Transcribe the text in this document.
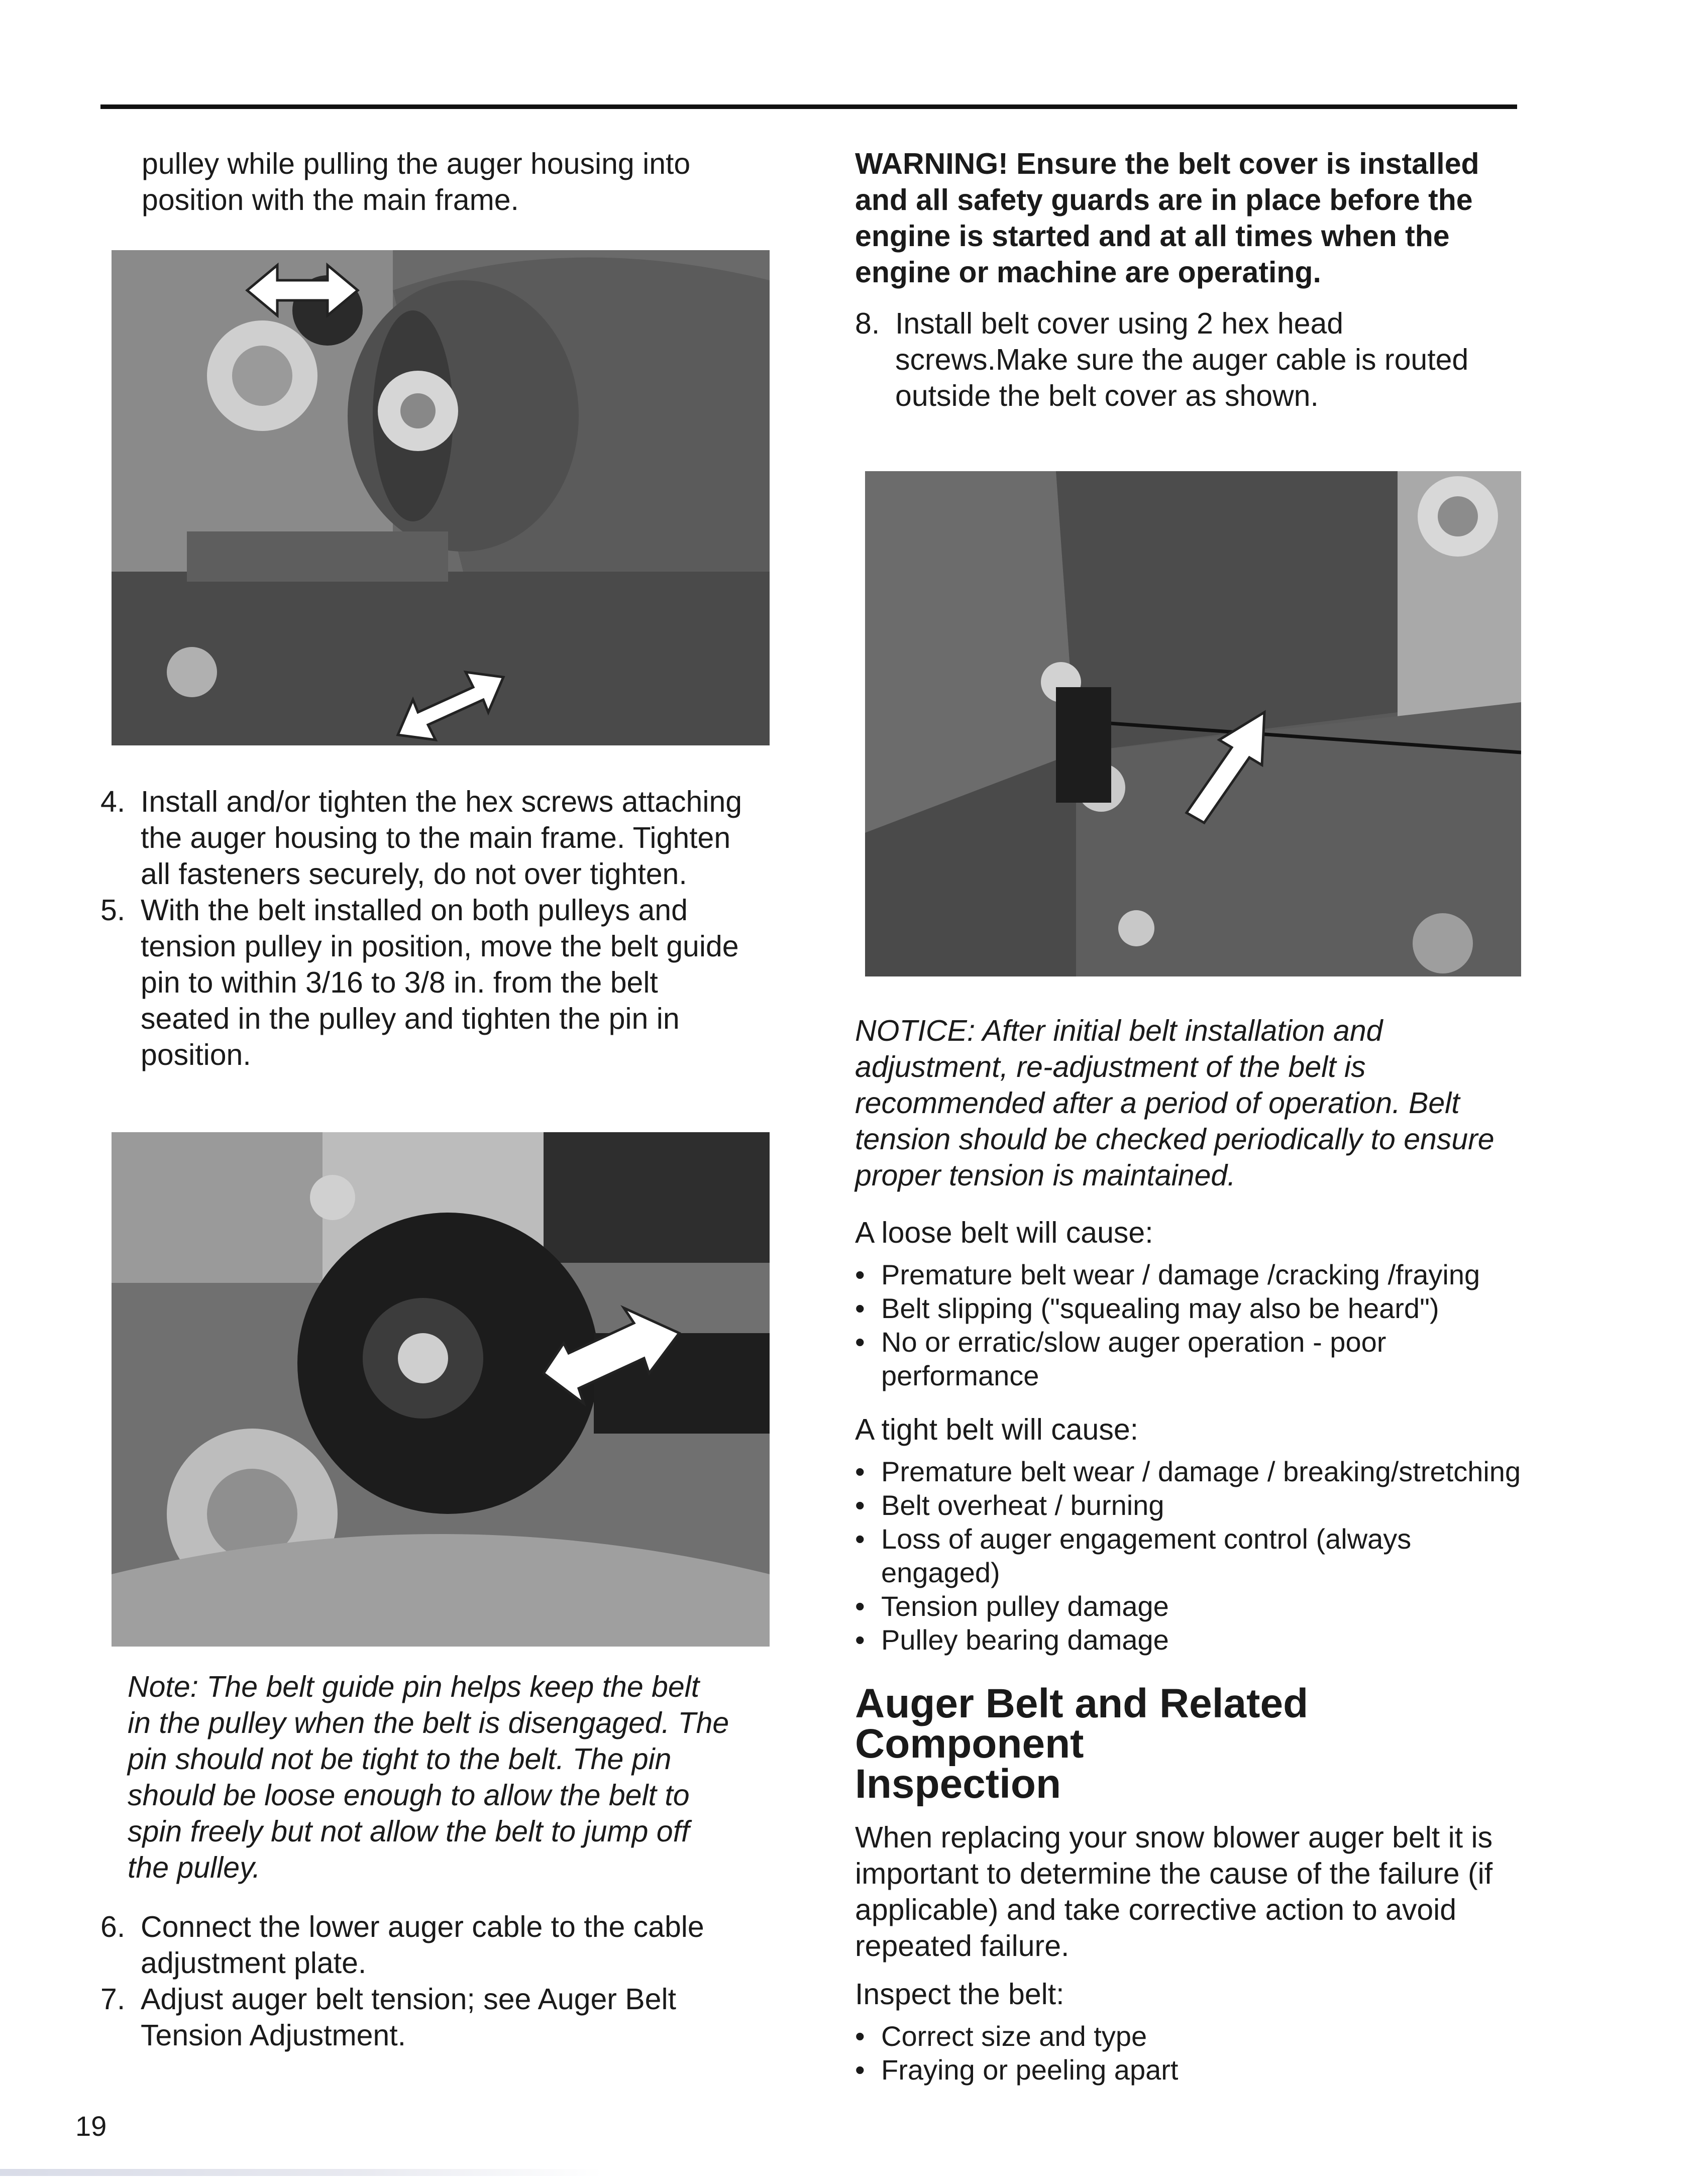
pulley while pulling the auger housing into

position with the main frame.

4. Install and/or tighten the hex screws attaching
the auger housing to the main frame. Tighten
all fasteners securely, do not over tighten.
5. With the belt installed on both pulleys and
tension pulley in position, move the belt guide
pin to within 3/16 to 3/8 in. from the belt
seated in the pulley and tighten the pin in
position.
Note: The belt guide pin helps keep the belt
in the pulley when the belt is disengaged. The
pin should not be tight to the belt. The pin
should be loose enough to allow the belt to
spin freely but not allow the belt to jump off
the pulley.
6. Connect the lower auger cable to the cable
adjustment plate.
7. Adjust auger belt tension; see Auger Belt
Tension Adjustment.
WARNING! Ensure the belt cover is installed
and all safety guards are in place before the
engine is started and at all times when the
engine or machine are operating.
8. Install belt cover using 2 hex head
screws.Make sure the auger cable is routed
outside the belt cover as shown.
NOTICE: After initial belt installation and
adjustment, re-adjustment of the belt is
recommended after a period of operation. Belt
tension should be checked periodically to ensure
proper tension is maintained.

A loose belt will cause:

• Premature belt wear / damage /cracking /fraying
• Belt slipping ("squealing may also be heard")
• No or erratic/slow auger operation - poor
performance

A tight belt will cause:

• Premature belt wear / damage / breaking/stretching
• Belt overheat / burning
• Loss of auger engagement control (always
engaged)
• Tension pulley damage
• Pulley bearing damage
Auger Belt and Related Component
Inspection
When replacing your snow blower auger belt it is
important to determine the cause of the failure (if
applicable) and take corrective action to avoid
repeated failure.

Inspect the belt:

• Correct size and type
• Fraying or peeling apart
19
